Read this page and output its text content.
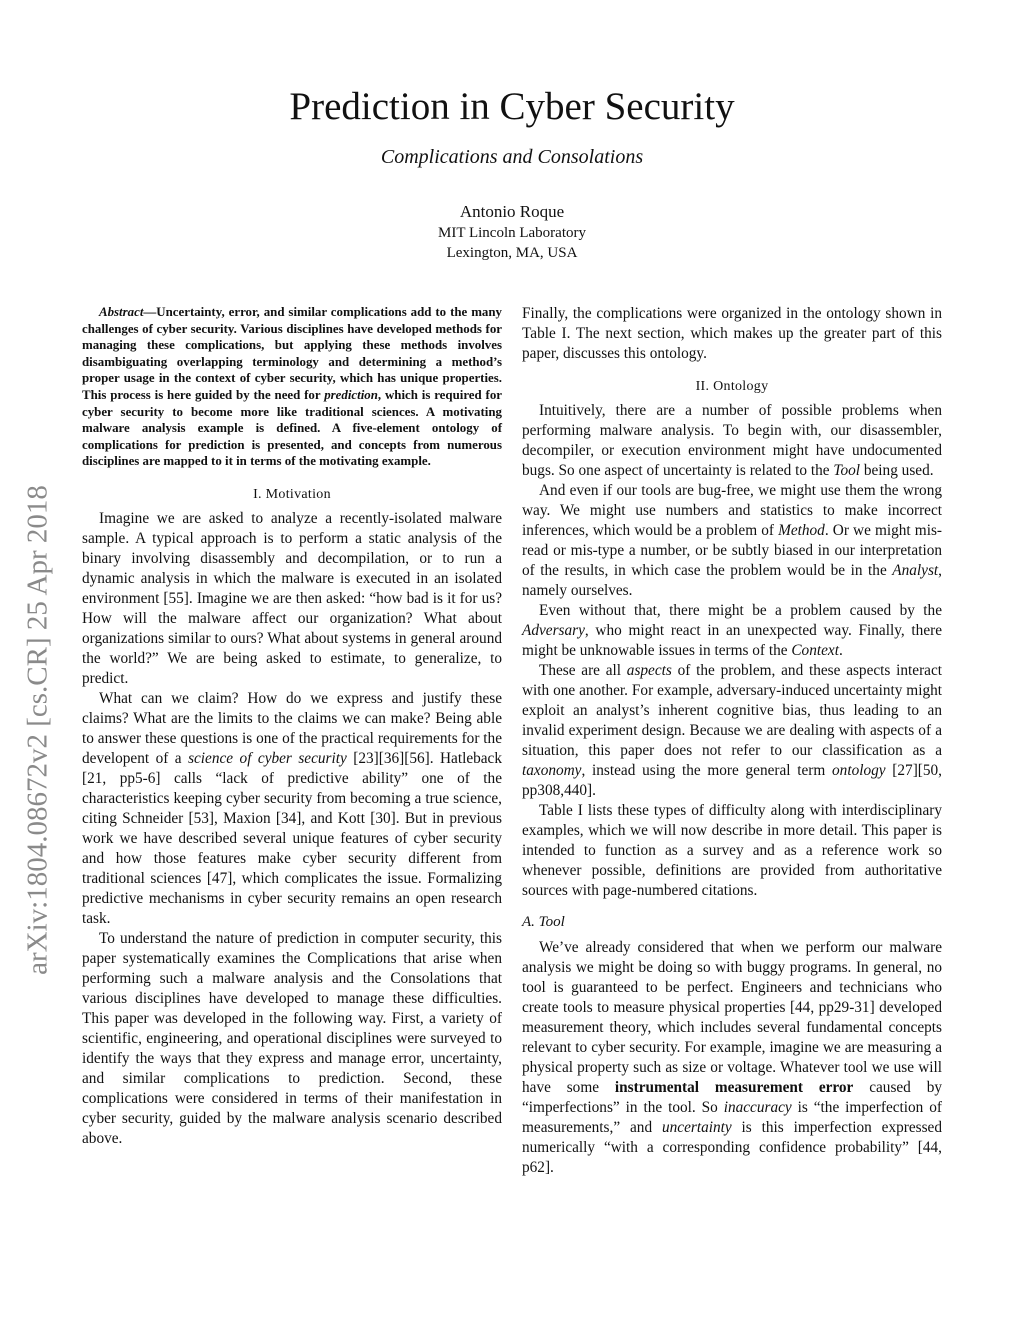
arXiv:1804.08672v2 [cs.CR] 25 Apr 2018
Prediction in Cyber Security
Complications and Consolations
Antonio Roque
MIT Lincoln Laboratory
Lexington, MA, USA

Abstract—Uncertainty, error, and similar complications add to the many challenges of cyber security. Various disciplines have developed methods for managing these complications, but applying these methods involves disambiguating overlapping terminology and determining a method’s proper usage in the context of cyber security, which has unique properties. This process is here guided by the need for prediction, which is required for cyber security to become more like traditional sciences. A motivating malware analysis example is defined. A five-element ontology of complications for prediction is presented, and concepts from numerous disciplines are mapped to it in terms of the motivating example.

I. Motivation

Imagine we are asked to analyze a recently-isolated malware sample. A typical approach is to perform a static analysis of the binary involving disassembly and decompilation, or to run a dynamic analysis in which the malware is executed in an isolated environment [55]. Imagine we are then asked: “how bad is it for us? How will the malware affect our organization? What about organizations similar to ours? What about systems in general around the world?” We are being asked to estimate, to generalize, to predict.

What can we claim? How do we express and justify these claims? What are the limits to the claims we can make? Being able to answer these questions is one of the practical requirements for the developent of a science of cyber security [23][36][56]. Hatleback [21, pp5-6] calls “lack of predictive ability” one of the characteristics keeping cyber security from becoming a true science, citing Schneider [53], Maxion [34], and Kott [30]. But in previous work we have described several unique features of cyber security and how those features make cyber security different from traditional sciences [47], which complicates the issue. Formalizing predictive mechanisms in cyber security remains an open research task.

To understand the nature of prediction in computer security, this paper systematically examines the Complications that arise when performing such a malware analysis and the Consolations that various disciplines have developed to manage these difficulties. This paper was developed in the following way. First, a variety of scientific, engineering, and operational disciplines were surveyed to identify the ways that they express and manage error, uncertainty, and similar complications to prediction. Second, these complications were considered in terms of their manifestation in cyber security, guided by the malware analysis scenario described above.

Finally, the complications were organized in the ontology shown in Table I. The next section, which makes up the greater part of this paper, discusses this ontology.

II. Ontology

Intuitively, there are a number of possible problems when performing malware analysis. To begin with, our disassembler, decompiler, or execution environment might have undocumented bugs. So one aspect of uncertainty is related to the Tool being used.

And even if our tools are bug-free, we might use them the wrong way. We might use numbers and statistics to make incorrect inferences, which would be a problem of Method. Or we might mis-read or mis-type a number, or be subtly biased in our interpretation of the results, in which case the problem would be in the Analyst, namely ourselves.

Even without that, there might be a problem caused by the Adversary, who might react in an unexpected way. Finally, there might be unknowable issues in terms of the Context.

These are all aspects of the problem, and these aspects interact with one another. For example, adversary-induced uncertainty might exploit an analyst’s inherent cognitive bias, thus leading to an invalid experiment design. Because we are dealing with aspects of a situation, this paper does not refer to our classification as a taxonomy, instead using the more general term ontology [27][50, pp308,440].

Table I lists these types of difficulty along with interdisciplinary examples, which we will now describe in more detail. This paper is intended to function as a survey and as a reference work so whenever possible, definitions are provided from authoritative sources with page-numbered citations.

A. Tool

We’ve already considered that when we perform our malware analysis we might be doing so with buggy programs. In general, no tool is guaranteed to be perfect. Engineers and technicians who create tools to measure physical properties [44, pp29-31] developed measurement theory, which includes several fundamental concepts relevant to cyber security. For example, imagine we are measuring a physical property such as size or voltage. Whatever tool we use will have some instrumental measurement error caused by “imperfections” in the tool. So inaccuracy is “the imperfection of measurements,” and uncertainty is this imperfection expressed numerically “with a corresponding confidence probability” [44, p62].
